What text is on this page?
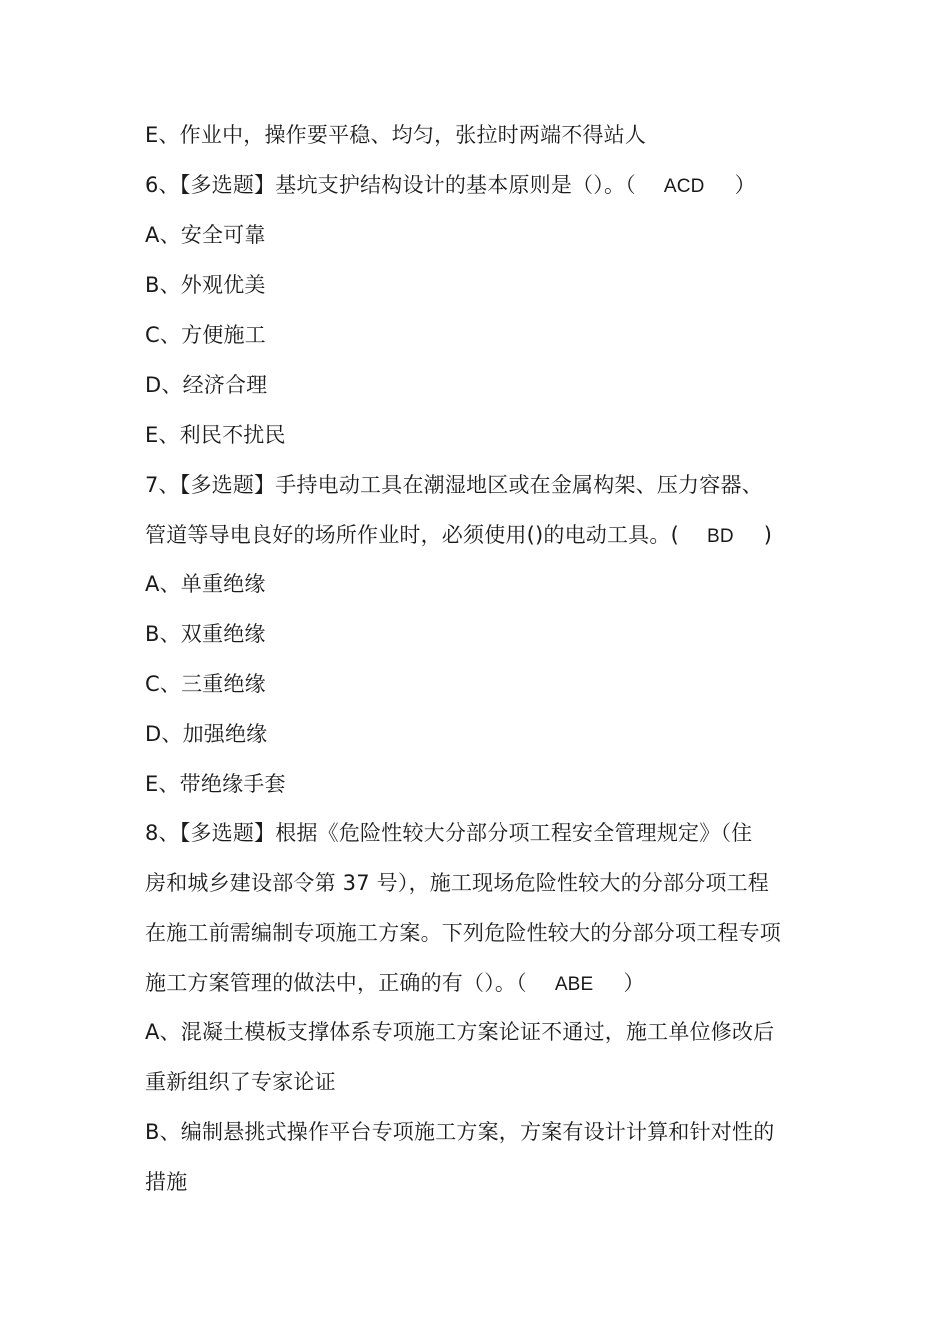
E、作业中，操作要平稳、均匀，张拉时两端不得站人
6、【多选题】基坑支护结构设计的基本原则是（）。（ ACD ）
A、安全可靠
B、外观优美
C、方便施工
D、经济合理
E、利民不扰民
7、【多选题】手持电动工具在潮湿地区或在金属构架、压力容器、
管道等导电良好的场所作业时，必须使用()的电动工具。( BD )
A、单重绝缘
B、双重绝缘
C、三重绝缘
D、加强绝缘
E、带绝缘手套
8、【多选题】根据《危险性较大分部分项工程安全管理规定》（住
房和城乡建设部令第 37 号），施工现场危险性较大的分部分项工程
在施工前需编制专项施工方案。下列危险性较大的分部分项工程专项
施工方案管理的做法中，正确的有（）。（ ABE ）
A、混凝土模板支撑体系专项施工方案论证不通过，施工单位修改后
重新组织了专家论证
B、编制悬挑式操作平台专项施工方案，方案有设计计算和针对性的
措施
